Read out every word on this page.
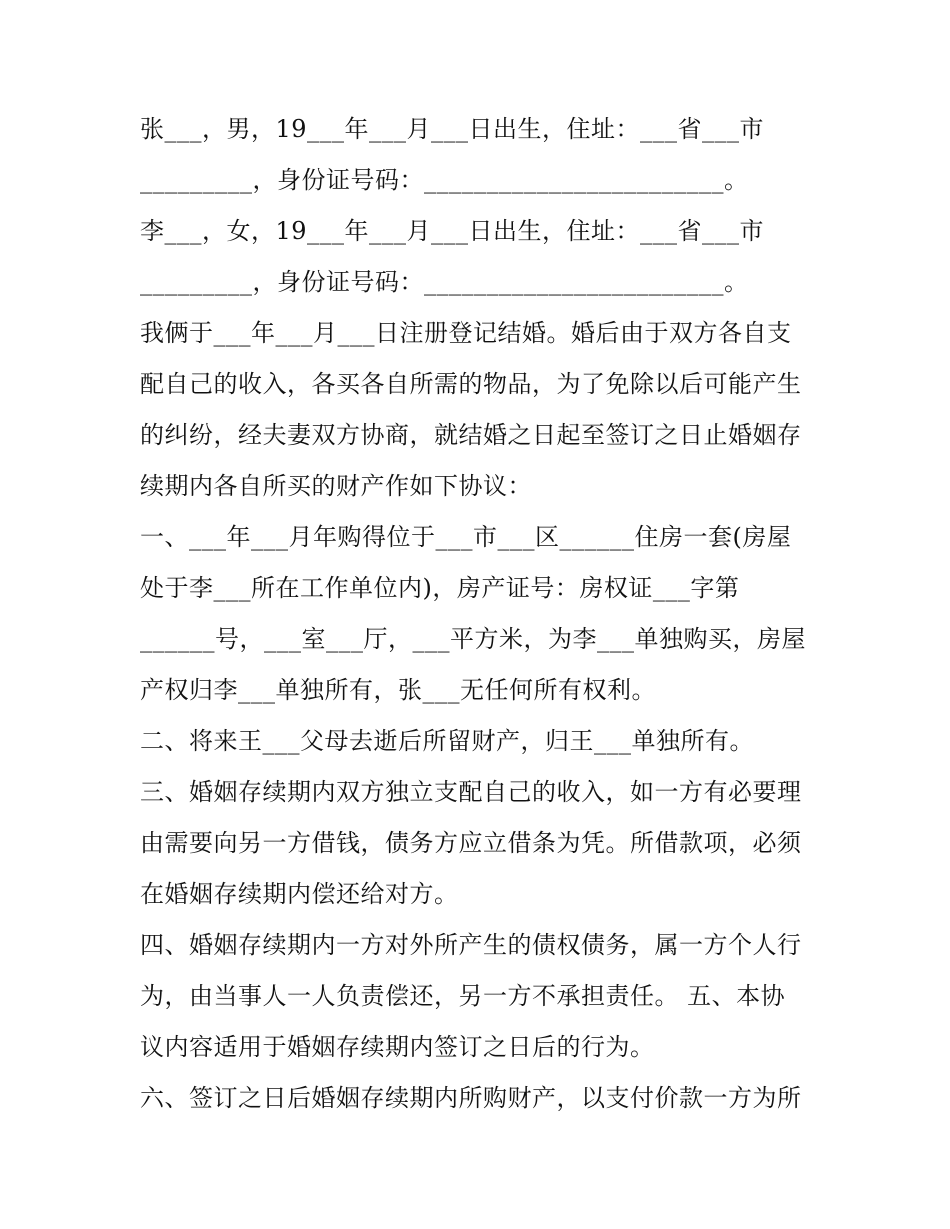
张___，男，19___年___月___日出生，住址：___省___市
_________，身份证号码：________________________。
李___，女，19___年___月___日出生，住址：___省___市
_________，身份证号码：________________________。
我俩于___年___月___日注册登记结婚。婚后由于双方各自支
配自己的收入，各买各自所需的物品，为了免除以后可能产生
的纠纷，经夫妻双方协商，就结婚之日起至签订之日止婚姻存
续期内各自所买的财产作如下协议：
一、___年___月年购得位于___市___区______住房一套(房屋
处于李___所在工作单位内)，房产证号：房权证___字第
______号，___室___厅，___平方米，为李___单独购买，房屋
产权归李___单独所有，张___无任何所有权利。
二、将来王___父母去逝后所留财产，归王___单独所有。
三、婚姻存续期内双方独立支配自己的收入，如一方有必要理
由需要向另一方借钱，债务方应立借条为凭。所借款项，必须
在婚姻存续期内偿还给对方。
四、婚姻存续期内一方对外所产生的债权债务，属一方个人行
为，由当事人一人负责偿还，另一方不承担责任。 五、本协
议内容适用于婚姻存续期内签订之日后的行为。
六、签订之日后婚姻存续期内所购财产，以支付价款一方为所
